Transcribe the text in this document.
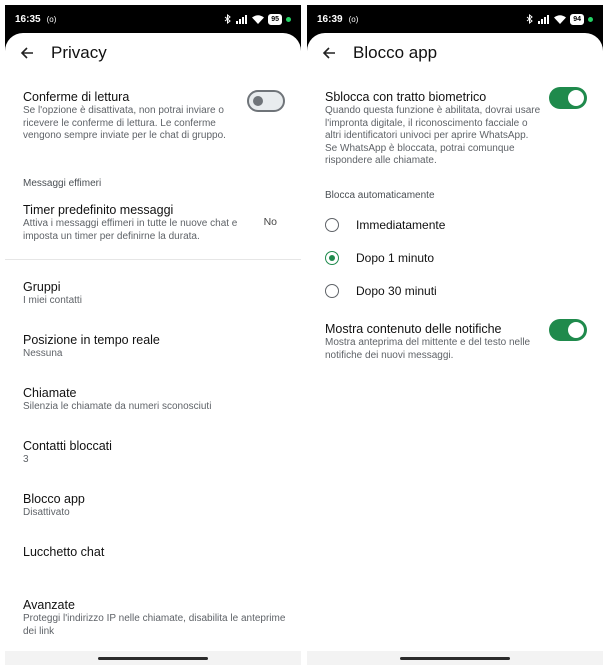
16:35 (o)	95
Privacy
Conferme di lettura
Se l'opzione è disattivata, non potrai inviare o ricevere le conferme di lettura. Le conferme vengono sempre inviate per le chat di gruppo.
Messaggi effimeri
Timer predefinito messaggi
Attiva i messaggi effimeri in tutte le nuove chat e imposta un timer per definirne la durata.
No
Gruppi
I miei contatti
Posizione in tempo reale
Nessuna
Chiamate
Silenzia le chiamate da numeri sconosciuti
Contatti bloccati
3
Blocco app
Disattivato
Lucchetto chat
Avanzate
Proteggi l'indirizzo IP nelle chiamate, disabilita le anteprime dei link
16:39 (o)	94
Blocco app
Sblocca con tratto biometrico
Quando questa funzione è abilitata, dovrai usare l'impronta digitale, il riconoscimento facciale o altri identificatori univoci per aprire WhatsApp. Se WhatsApp è bloccata, potrai comunque rispondere alle chiamate.
Blocca automaticamente
Immediatamente
Dopo 1 minuto
Dopo 30 minuti
Mostra contenuto delle notifiche
Mostra anteprima del mittente e del testo nelle notifiche dei nuovi messaggi.
